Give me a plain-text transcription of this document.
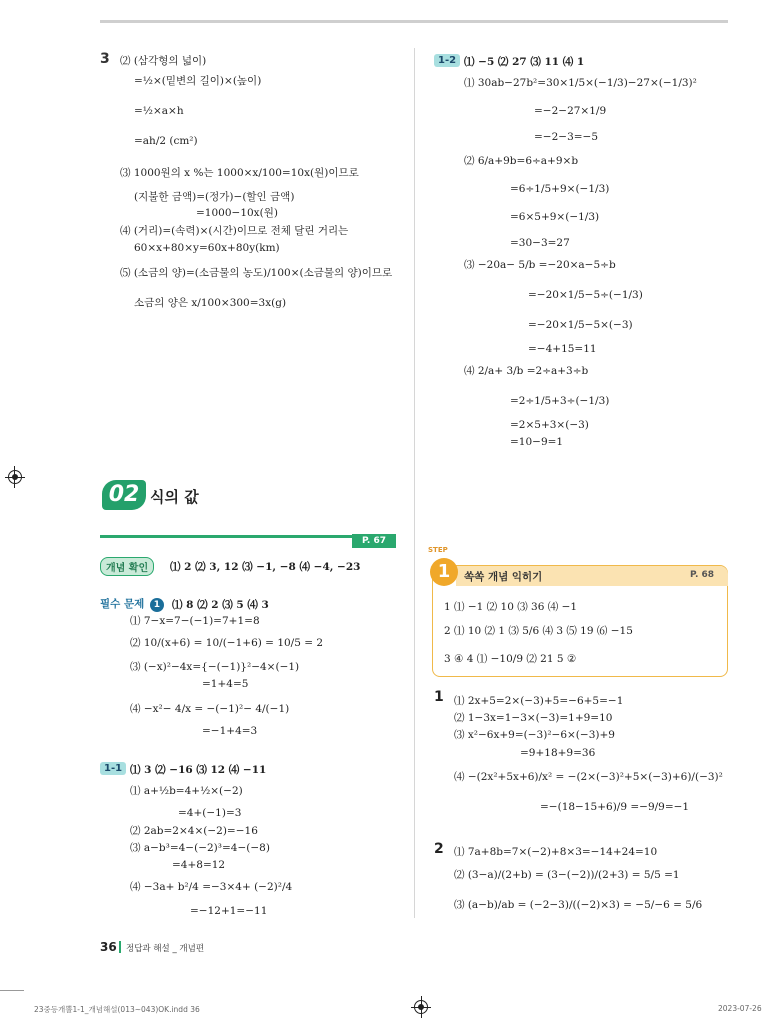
3 ⑵ (삼각형의 넓이)
=½×(밑변의 길이)×(높이)
=½×a×h
=ah/2 (cm²)
⑶ 1000원의 x %는 1000×x/100=10x(원)이므로
(지불한 금액)=(정가)−(할인 금액)
=1000−10x(원)
⑷ (거리)=(속력)×(시간)이므로 전체 달린 거리는
60×x+80×y=60x+80y(km)
⑸ (소금의 양)=(소금물의 농도)/100×(소금물의 양)이므로
소금의 양은 x/100×300=3x(g)
02 식의 값
P. 67
개념 확인	⑴ 2 ⑵ 3, 12 ⑶ −1, −8 ⑷ −4, −23
필수 문제 1	⑴ 8 ⑵ 2 ⑶ 5 ⑷ 3
⑴ 7−x=7−(−1)=7+1=8
⑵ 10/(x+6) = 10/(−1+6) = 10/5 = 2
⑶ (−x)²−4x={−(−1)}²−4×(−1)
=1+4=5
⑷ −x²− 4/x = −(−1)²− 4/(−1)
=−1+4=3
1-1 ⑴ 3 ⑵ −16 ⑶ 12 ⑷ −11
⑴ a+½b=4+½×(−2)
=4+(−1)=3
⑵ 2ab=2×4×(−2)=−16
⑶ a−b³=4−(−2)³=4−(−8)
=4+8=12
⑷ −3a+ b²/4 =−3×4+ (−2)²/4
=−12+1=−11
1-2 ⑴ −5 ⑵ 27 ⑶ 11 ⑷ 1
⑴ 30ab−27b²=30×1/5×(−1/3)−27×(−1/3)²
=−2−27×1/9
=−2−3=−5
⑵ 6/a+9b=6÷a+9×b
=6÷1/5+9×(−1/3)
=6×5+9×(−1/3)
=30−3=27
⑶ −20a− 5/b =−20×a−5÷b
=−20×1/5−5÷(−1/3)
=−20×1/5−5×(−3)
=−4+15=11
⑷ 2/a+ 3/b =2÷a+3÷b
=2÷1/5+3÷(−1/3)
=2×5+3×(−3)
=10−9=1
STEP
1	쏙쏙 개념 익히기	P. 68
1 ⑴ −1 ⑵ 10 ⑶ 36 ⑷ −1
2 ⑴ 10 ⑵ 1 ⑶ 5/6 ⑷ 3 ⑸ 19 ⑹ −15
3 ④ 4 ⑴ −10/9 ⑵ 21 5 ②
1 ⑴ 2x+5=2×(−3)+5=−6+5=−1
⑵ 1−3x=1−3×(−3)=1+9=10
⑶ x²−6x+9=(−3)²−6×(−3)+9
=9+18+9=36
⑷ −(2x²+5x+6)/x² = −(2×(−3)²+5×(−3)+6)/(−3)²
=−(18−15+6)/9 =−9/9=−1
2 ⑴ 7a+8b=7×(−2)+8×3=−14+24=10
⑵ (3−a)/(2+b) = (3−(−2))/(2+3) = 5/5 =1
⑶ (a−b)/ab = (−2−3)/((−2)×3) = −5/−6 = 5/6
36 정답과 해설 _ 개념편
23중등개뿔1-1_개념해설(013~043)OK.indd 36	2023-07-26
